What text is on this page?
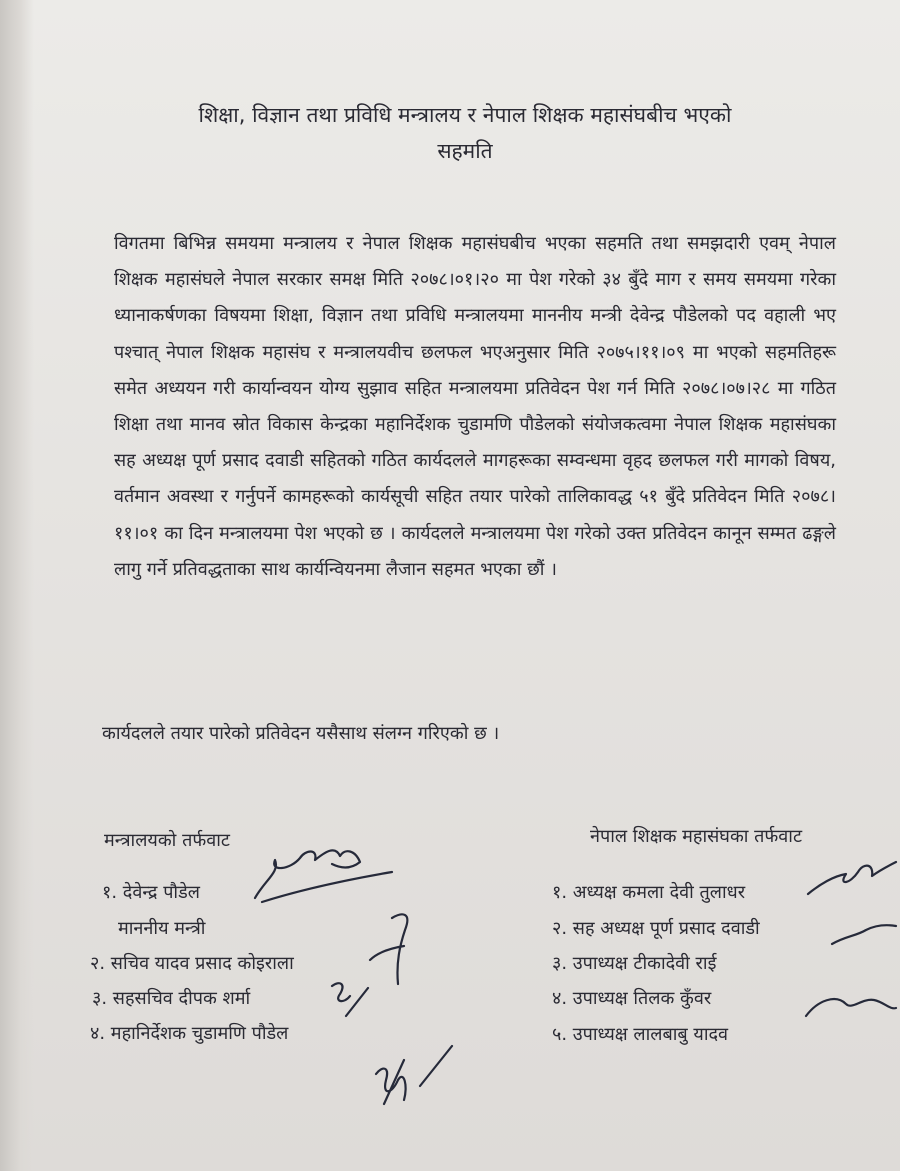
शिक्षा, विज्ञान तथा प्रविधि मन्त्रालय र नेपाल शिक्षक महासंघबीच भएको
सहमति

विगतमा बिभिन्न समयमा मन्त्रालय र नेपाल शिक्षक महासंघबीच भएका सहमति तथा समझदारी एवम् नेपाल शिक्षक महासंघले नेपाल सरकार समक्ष मिति २०७८।०१।२० मा पेश गरेको ३४ बुँदे माग र समय समयमा गरेका ध्यानाकर्षणका विषयमा शिक्षा, विज्ञान तथा प्रविधि मन्त्रालयमा माननीय मन्त्री देवेन्द्र पौडेलको पद वहाली भए पश्चात् नेपाल शिक्षक महासंघ र मन्त्रालयवीच छलफल भएअनुसार मिति २०७५।११।०९ मा भएको सहमतिहरू समेत अध्ययन गरी कार्यान्वयन योग्य सुझाव सहित मन्त्रालयमा प्रतिवेदन पेश गर्न मिति २०७८।०७।२८ मा गठित शिक्षा तथा मानव स्रोत विकास केन्द्रका महानिर्देशक चुडामणि पौडेलको संयोजकत्वमा नेपाल शिक्षक महासंघका सह अध्यक्ष पूर्ण प्रसाद दवाडी सहितको गठित कार्यदलले मागहरूका सम्वन्धमा वृहद छलफल गरी मागको विषय, वर्तमान अवस्था र गर्नुपर्ने कामहरूको कार्यसूची सहित तयार पारेको तालिकावद्ध ५१ बुँदे प्रतिवेदन मिति २०७८।११।०१ का दिन मन्त्रालयमा पेश भएको छ । कार्यदलले मन्त्रालयमा पेश गरेको उक्त प्रतिवेदन कानून सम्मत ढङ्गले लागु गर्ने प्रतिवद्धताका साथ कार्यन्वियनमा लैजान सहमत भएका छौं ।

कार्यदलले तयार पारेको प्रतिवेदन यसैसाथ संलग्न गरिएको छ ।

मन्त्रालयको तर्फवाट	नेपाल शिक्षक महासंघका तर्फवाट
१. देवेन्द्र पौडेल
माननीय मन्त्री
२. सचिव यादव प्रसाद कोइराला
३. सहसचिव दीपक शर्मा
४. महानिर्देशक चुडामणि पौडेल
१. अध्यक्ष कमला देवी तुलाधर
२. सह अध्यक्ष पूर्ण प्रसाद दवाडी
३. उपाध्यक्ष टीकादेवी राई
४. उपाध्यक्ष तिलक कुँवर
५. उपाध्यक्ष लालबाबु यादव
